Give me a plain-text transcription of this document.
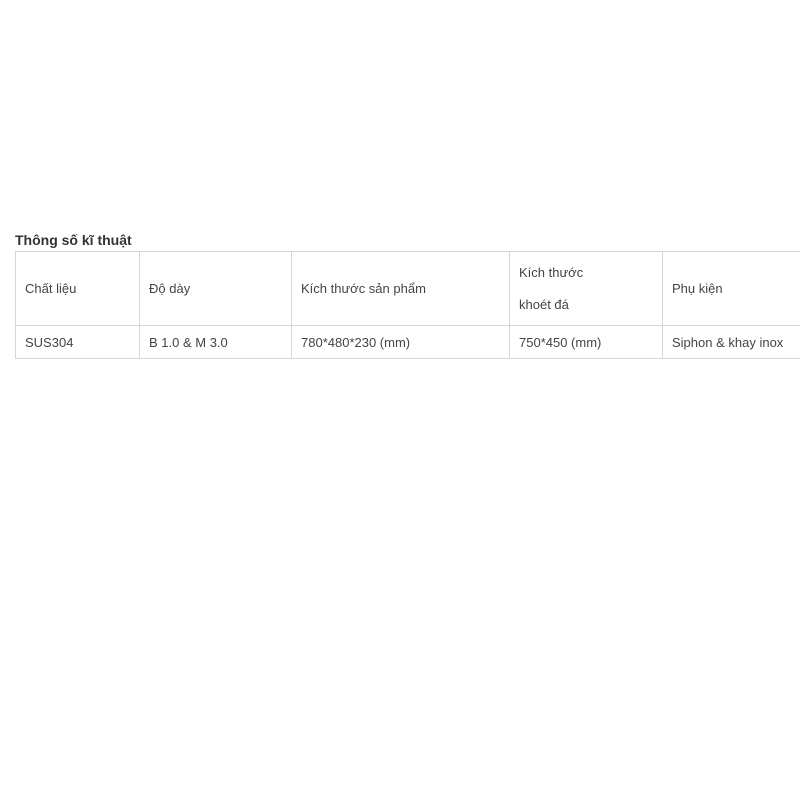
Thông số kĩ thuật
Chất liệu	Độ dày	Kích thước sản phẩm	Kích thước khoét đá	Phụ kiện
SUS304	B 1.0 & M 3.0	780*480*230 (mm)	750*450 (mm)	Siphon & khay inox
